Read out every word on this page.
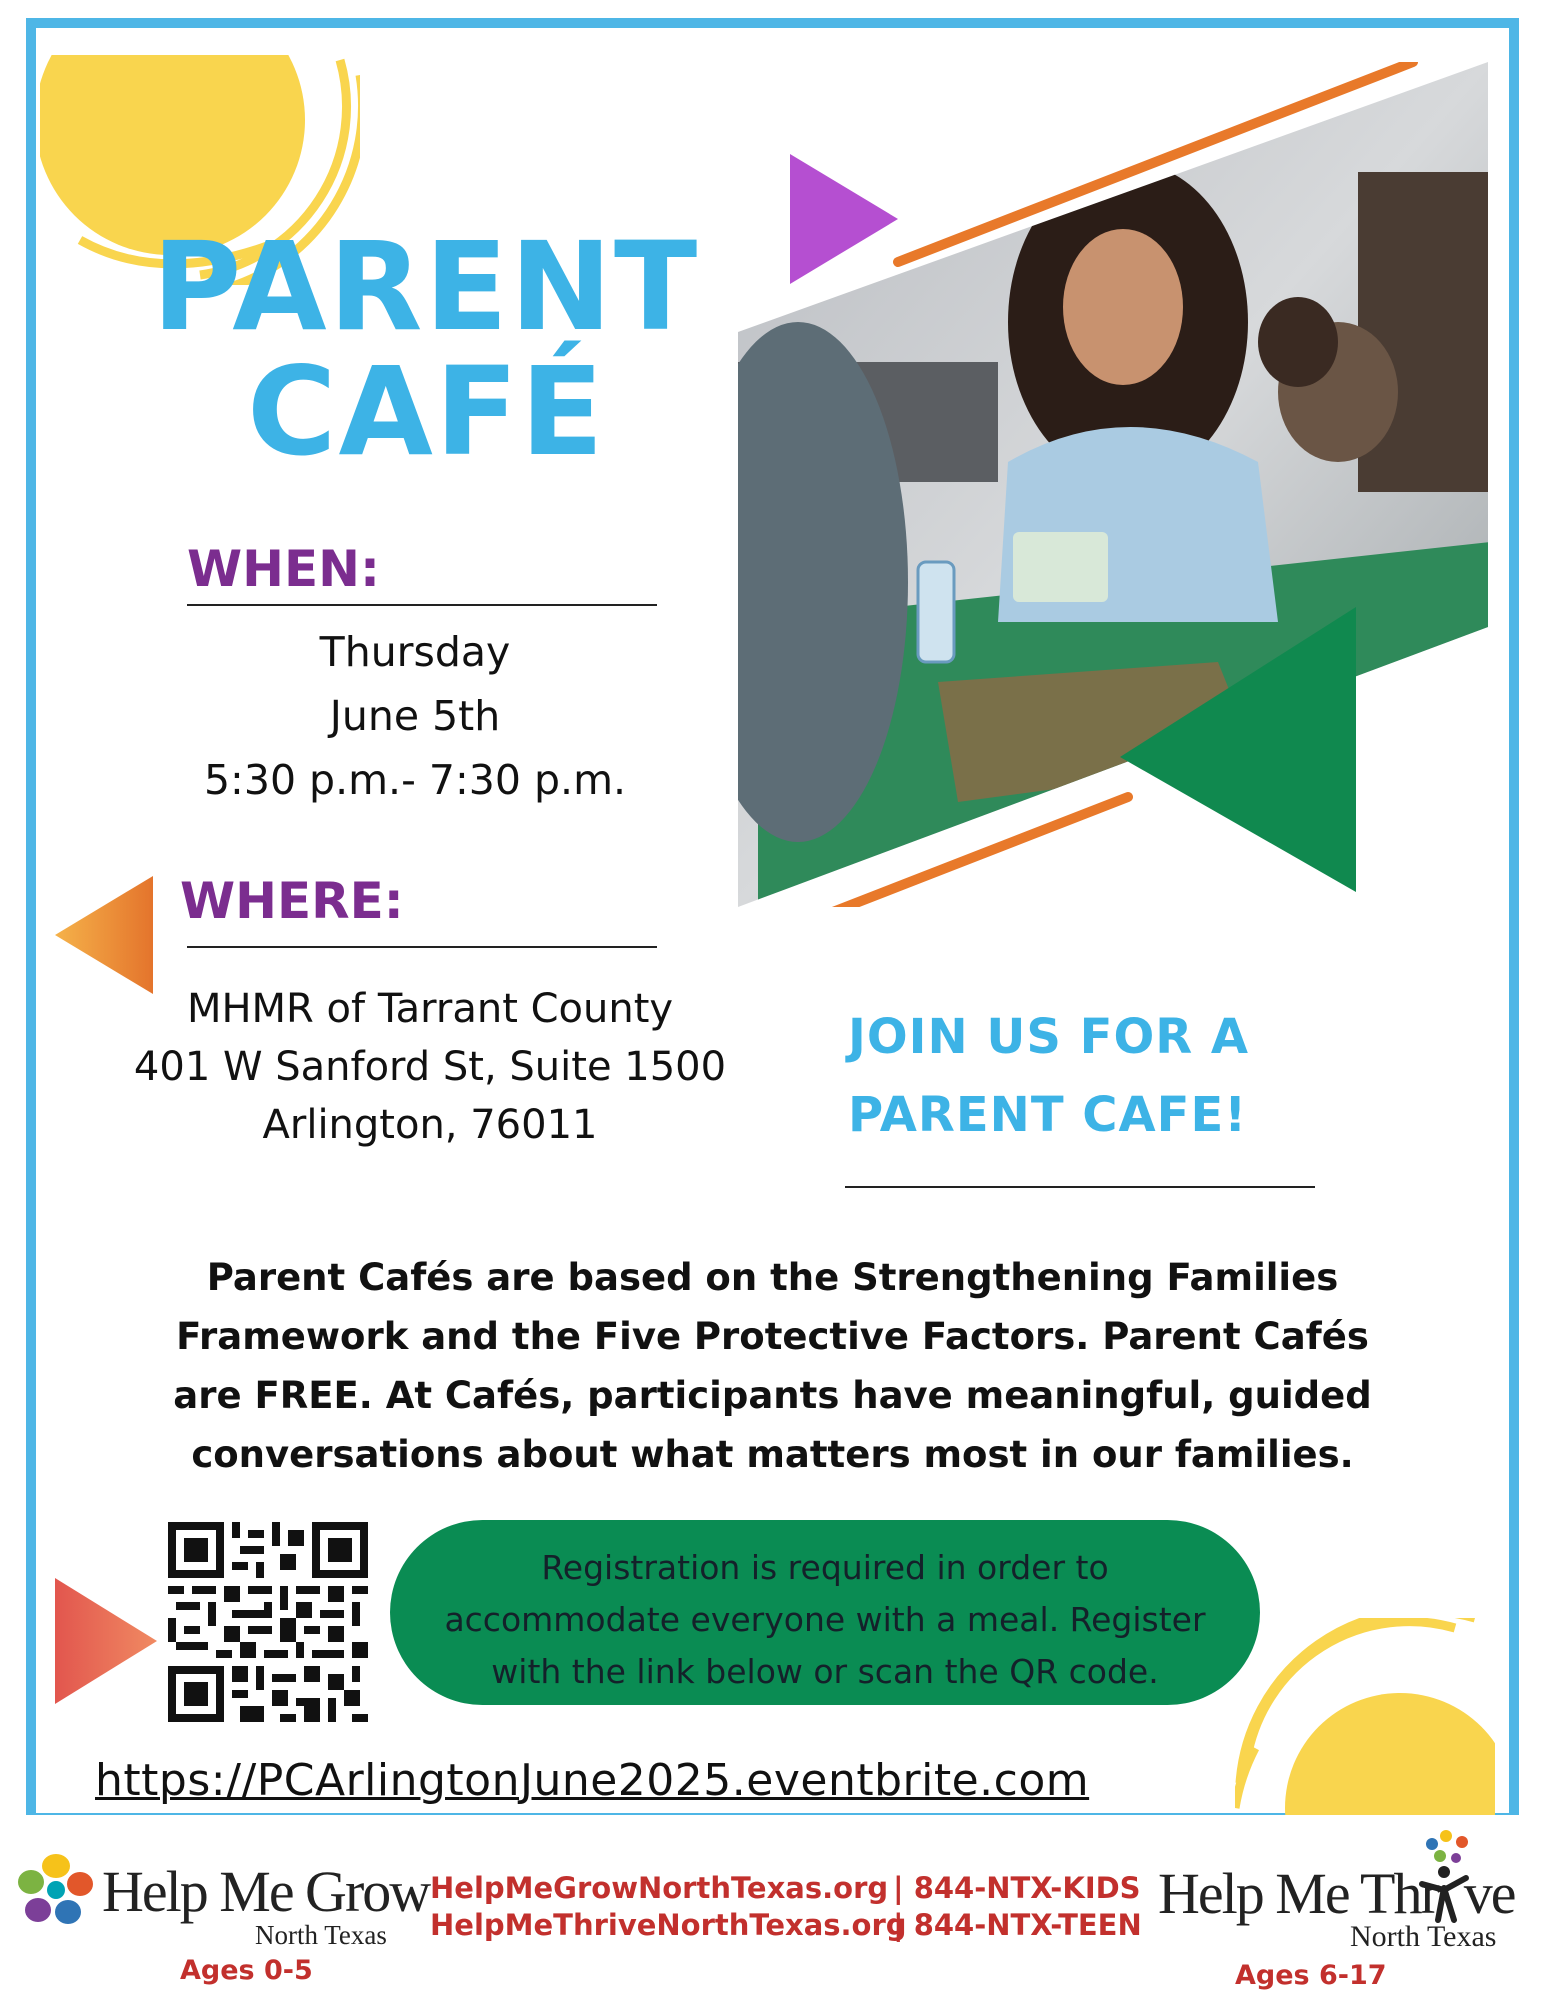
PARENT
CAFÉ
WHEN:
Thursday
June 5th
5:30 p.m.- 7:30 p.m.
WHERE:
MHMR of Tarrant County
401 W Sanford St, Suite 1500
Arlington, 76011
JOIN US FOR A
PARENT CAFE!
Parent Cafés are based on the Strengthening Families
Framework and the Five Protective Factors. Parent Cafés
are FREE. At Cafés, participants have meaningful, guided
conversations about what matters most in our families.
Registration is required in order to
accommodate everyone with a meal. Register
with the link below or scan the QR code.
https://PCArlingtonJune2025.eventbrite.com
Help Me Grow
North Texas
Ages 0-5
HelpMeGrowNorthTexas.org
HelpMeThriveNorthTexas.org
| 844-NTX-KIDS
| 844-NTX-TEEN Help Me Thr ve
North Texas
Ages 6-17
